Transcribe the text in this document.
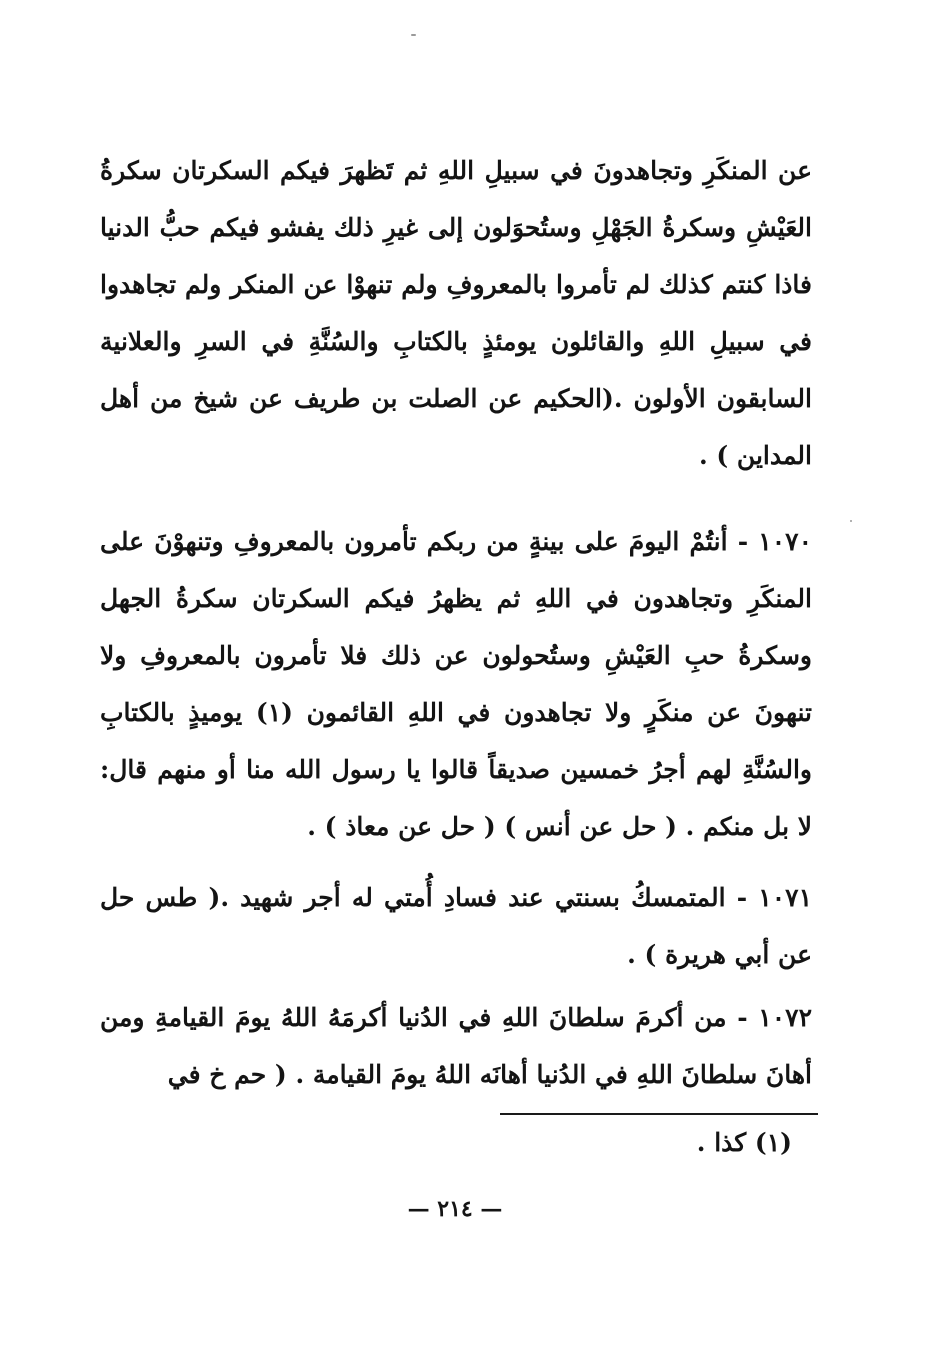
عن المنكَرِ وتجاهدونَ في سبيلِ اللهِ ثم تَظهرَ فيكم السكرتان سكرةُ العَيْشِ وسكرةُ الجَهْلِ وستُحوَلون إلى غيرِ ذلك يفشو فيكم حبُّ الدنيا فاذا كنتم كذلك لم تأمروا بالمعروفِ ولم تنهوْا عن المنكر ولم تجاهدوا في سبيلِ اللهِ والقائلون يومئذٍ بالكتابِ والسُنَّةِ في السرِ والعلانية السابقون الأولون .(الحكيم عن الصلت بن طريف عن شيخ من أهل المداين ) .

١٠٧٠ - أنتُمْ اليومَ على بينةٍ من ربكم تأمرون بالمعروفِ وتنهوْنَ على المنكَرِ وتجاهدون في اللهِ ثم يظهرُ فيكم السكرتان سكرةُ الجهل وسكرةُ حبِ العَيْشِ وستُحولون عن ذلك فلا تأمرون بالمعروفِ ولا تنهونَ عن منكَرٍ ولا تجاهدون في اللهِ القائمون (١) يوميذٍ بالكتابِ والسُنَّةِ لهم أجرُ خمسين صديقاً قالوا يا رسول الله منا أو منهم قال: لا بل منكم . ( حل عن أنس ) ( حل عن معاذ ) .

١٠٧١ - المتمسكُ بسنتي عند فسادِ أُمتي له أجر شهيد .( طس حل عن أبي هريرة ) .

١٠٧٢ - من أكرمَ سلطانَ اللهِ في الدُنيا أكرمَهُ اللهُ يومَ القيامةِ ومن أهانَ سلطانَ اللهِ في الدُنيا أهانَه اللهُ يومَ القيامة . ( حم خ في

(١) كذا .
— ٢١٤ —
